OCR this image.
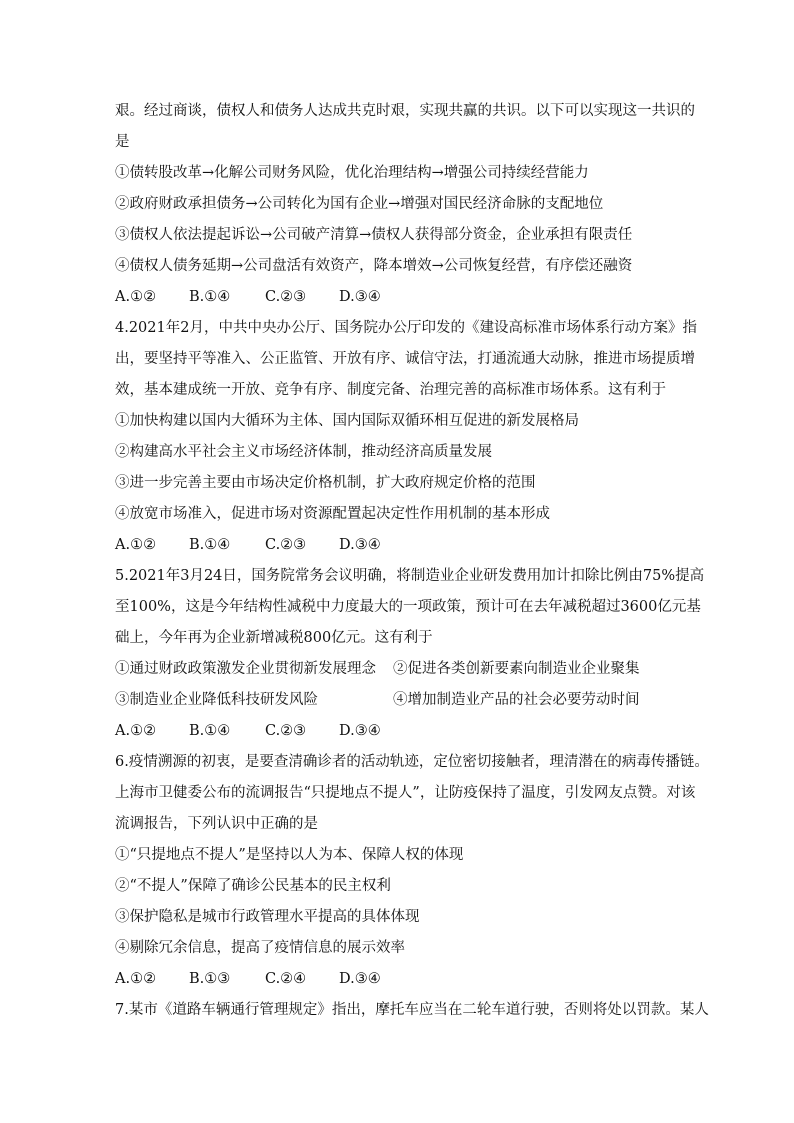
艰。经过商谈，债权人和债务人达成共克时艰，实现共赢的共识。以下可以实现这一共识的
是
①债转股改革→化解公司财务风险，优化治理结构→增强公司持续经营能力
②政府财政承担债务→公司转化为国有企业→增强对国民经济命脉的支配地位
③债权人依法提起诉讼→公司破产清算→债权人获得部分资金，企业承担有限责任
④债权人债务延期→公司盘活有效资产，降本增效→公司恢复经营，有序偿还融资
A.①② B.①④ C.②③ D.③④
4.2021年2月，中共中央办公厅、国务院办公厅印发的《建设高标准市场体系行动方案》指
出，要坚持平等准入、公正监管、开放有序、诚信守法，打通流通大动脉，推进市场提质增
效，基本建成统一开放、竞争有序、制度完备、治理完善的高标准市场体系。这有利于
①加快构建以国内大循环为主体、国内国际双循环相互促进的新发展格局
②构建高水平社会主义市场经济体制，推动经济高质量发展
③进一步完善主要由市场决定价格机制，扩大政府规定价格的范围
④放宽市场准入，促进市场对资源配置起决定性作用机制的基本形成
A.①② B.①④ C.②③ D.③④
5.2021年3月24日，国务院常务会议明确，将制造业企业研发费用加计扣除比例由75%提高
至100%，这是今年结构性减税中力度最大的一项政策，预计可在去年减税超过3600亿元基
础上，今年再为企业新增减税800亿元。这有利于
①通过财政政策激发企业贯彻新发展理念 ②促进各类创新要素向制造业企业聚集
③制造业企业降低科技研发风险	④增加制造业产品的社会必要劳动时间
A.①② B.①④ C.②③ D.③④
6.疫情溯源的初衷，是要查清确诊者的活动轨迹，定位密切接触者，理清潜在的病毒传播链。
上海市卫健委公布的流调报告“只提地点不提人”，让防疫保持了温度，引发网友点赞。对该
流调报告，下列认识中正确的是
①“只提地点不提人”是坚持以人为本、保障人权的体现
②“不提人”保障了确诊公民基本的民主权利
③保护隐私是城市行政管理水平提高的具体体现
④剔除冗余信息，提高了疫情信息的展示效率
A.①② B.①③ C.②④ D.③④
7.某市《道路车辆通行管理规定》指出，摩托车应当在二轮车道行驶，否则将处以罚款。某人
